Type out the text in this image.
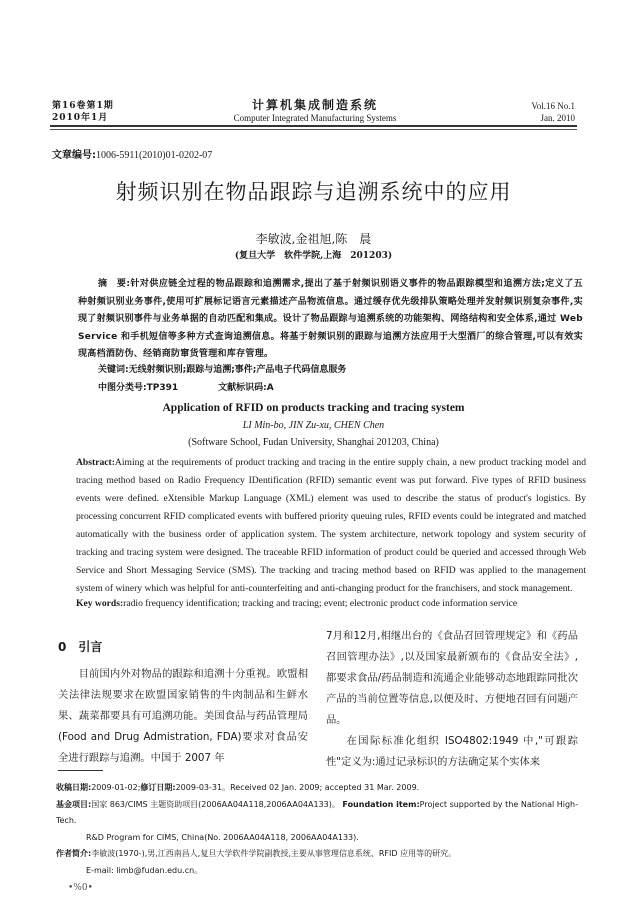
第16卷第1期
2010年1月
计算机集成制造系统
Computer Integrated Manufacturing Systems
Vol.16 No.1
Jan. 2010
文章编号:1006-5911(2010)01-0202-07
射频识别在物品跟踪与追溯系统中的应用
李敏波,金祖旭,陈　晨
(复旦大学　软件学院,上海　201203)
摘　要:针对供应链全过程的物品跟踪和追溯需求,提出了基于射频识别语义事件的物品跟踪模型和追溯方法;定义了五种射频识别业务事件,使用可扩展标记语言元素描述产品物流信息。通过缓存优先级排队策略处理并发射频识别复杂事件,实现了射频识别事件与业务单据的自动匹配和集成。设计了物品跟踪与追溯系统的功能架构、网络结构和安全体系,通过 Web Service 和手机短信等多种方式查询追溯信息。将基于射频识别的跟踪与追溯方法应用于大型酒厂的综合管理,可以有效实现高档酒防伪、经销商防窜货管理和库存管理。
关键词:无线射频识别;跟踪与追溯;事件;产品电子代码信息服务
中图分类号:TP391	文献标识码:A
Application of RFID on products tracking and tracing system
LI Min-bo, JIN Zu-xu, CHEN Chen
(Software School, Fudan University, Shanghai 201203, China)
Abstract:Aiming at the requirements of product tracking and tracing in the entire supply chain, a new product tracking model and tracing method based on Radio Frequency IDentification (RFID) semantic event was put forward. Five types of RFID business events were defined. eXtensible Markup Language (XML) element was used to describe the status of product's logistics. By processing concurrent RFID complicated events with buffered priority queuing rules, RFID events could be integrated and matched automatically with the business order of application system. The system architecture, network topology and system security of tracking and tracing system were designed. The traceable RFID information of product could be queried and accessed through Web Service and Short Messaging Service (SMS). The tracking and tracing method based on RFID was applied to the management system of winery which was helpful for anti-counterfeiting and anti-changing product for the franchisers, and stock management.
Key words:radio frequency identification; tracking and tracing; event; electronic product code information service
0 引言
目前国内外对物品的跟踪和追溯十分重视。欧盟相关法律法规要求在欧盟国家销售的牛肉制品和生鲜水果、蔬菜都要具有可追溯功能。美国食品与药品管理局(Food and Drug Admistration, FDA)要求对食品安全进行跟踪与追溯。中国于 2007 年
7月和12月,相继出台的《食品召回管理规定》和《药品召回管理办法》,以及国家最新颁布的《食品安全法》,都要求食品/药品制造和流通企业能够动态地跟踪同批次产品的当前位置等信息,以便及时、方便地召回有问题产品。
在国际标准化组织 ISO4802:1949 中,"可跟踪性"定义为:通过记录标识的方法确定某个实体来
收稿日期:2009-01-02;修订日期:2009-03-31。Received 02 Jan. 2009; accepted 31 Mar. 2009.
基金项目:国家 863/CIMS 主题资助项目(2006AA04A118,2006AA04A133)。 Foundation item:Project supported by the National High-Tech.
R&D Program for CIMS, China(No. 2006AA04A118, 2006AA04A133).
作者简介:李敏波(1970-),男,江西南昌人,复旦大学软件学院副教授,主要从事管理信息系统、RFID 应用等的研究。
E-mail: limb@fudan.edu.cn。
•%0•
